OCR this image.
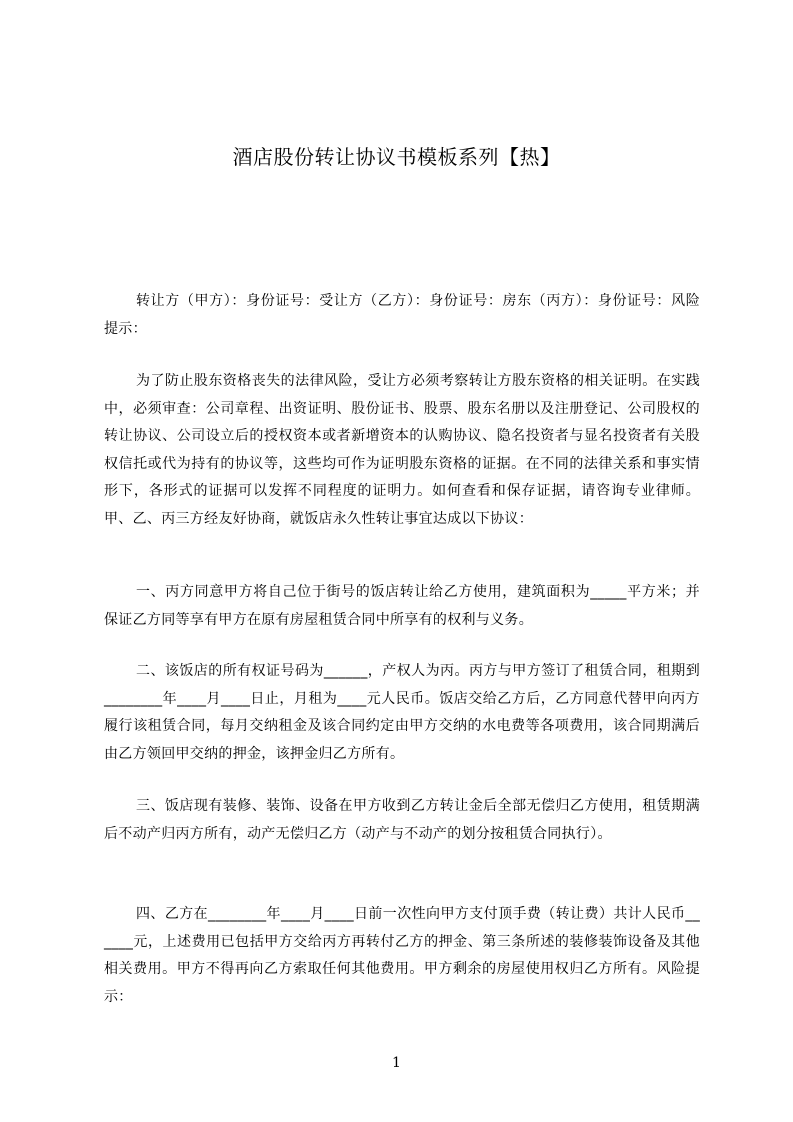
酒店股份转让协议书模板系列【热】

转让方（甲方）：身份证号：受让方（乙方）：身份证号：房东（丙方）：身份证号：风险提示：

为了防止股东资格丧失的法律风险，受让方必须考察转让方股东资格的相关证明。在实践中，必须审查：公司章程、出资证明、股份证书、股票、股东名册以及注册登记、公司股权的转让协议、公司设立后的授权资本或者新增资本的认购协议、隐名投资者与显名投资者有关股权信托或代为持有的协议等，这些均可作为证明股东资格的证据。在不同的法律关系和事实情形下，各形式的证据可以发挥不同程度的证明力。如何查看和保存证据，请咨询专业律师。甲、乙、丙三方经友好协商，就饭店永久性转让事宜达成以下协议：

一、丙方同意甲方将自己位于街号的饭店转让给乙方使用，建筑面积为_____平方米；并保证乙方同等享有甲方在原有房屋租赁合同中所享有的权利与义务。

二、该饭店的所有权证号码为______，产权人为丙。丙方与甲方签订了租赁合同，租期到________年____月____日止，月租为____元人民币。饭店交给乙方后，乙方同意代替甲向丙方履行该租赁合同，每月交纳租金及该合同约定由甲方交纳的水电费等各项费用，该合同期满后由乙方领回甲交纳的押金，该押金归乙方所有。

三、饭店现有装修、装饰、设备在甲方收到乙方转让金后全部无偿归乙方使用，租赁期满后不动产归丙方所有，动产无偿归乙方（动产与不动产的划分按租赁合同执行）。

四、乙方在________年____月____日前一次性向甲方支付顶手费（转让费）共计人民币______元，上述费用已包括甲方交给丙方再转付乙方的押金、第三条所述的装修装饰设备及其他相关费用。甲方不得再向乙方索取任何其他费用。甲方剩余的房屋使用权归乙方所有。风险提示：

1
